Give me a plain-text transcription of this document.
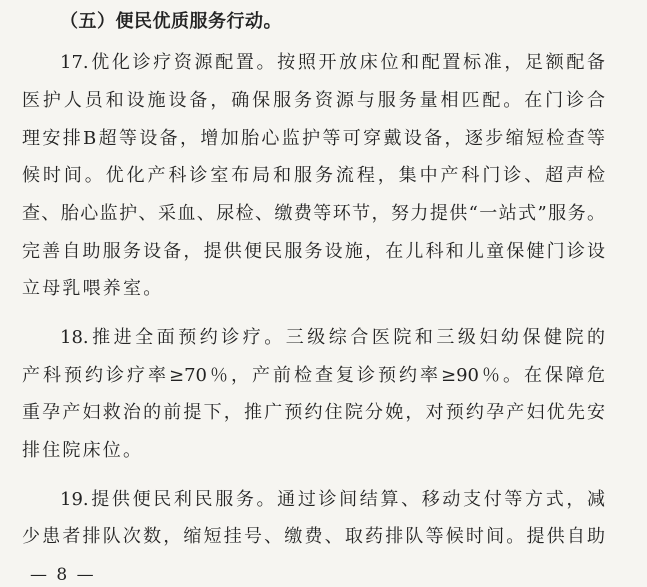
（五）便民优质服务行动。
17.优化诊疗资源配置。按照开放床位和配置标准，足额配备
医护人员和设施设备，确保服务资源与服务量相匹配。在门诊合
理安排B超等设备，增加胎心监护等可穿戴设备，逐步缩短检查等
候时间。优化产科诊室布局和服务流程，集中产科门诊、超声检
查、胎心监护、采血、尿检、缴费等环节，努力提供“一站式”服务。
完善自助服务设备，提供便民服务设施，在儿科和儿童保健门诊设
立母乳喂养室。
18.推进全面预约诊疗。三级综合医院和三级妇幼保健院的
产科预约诊疗率≥70％，产前检查复诊预约率≥90％。在保障危
重孕产妇救治的前提下，推广预约住院分娩，对预约孕产妇优先安
排住院床位。
19.提供便民利民服务。通过诊间结算、移动支付等方式，减
少患者排队次数，缩短挂号、缴费、取药排队等候时间。提供自助
— 8 —
